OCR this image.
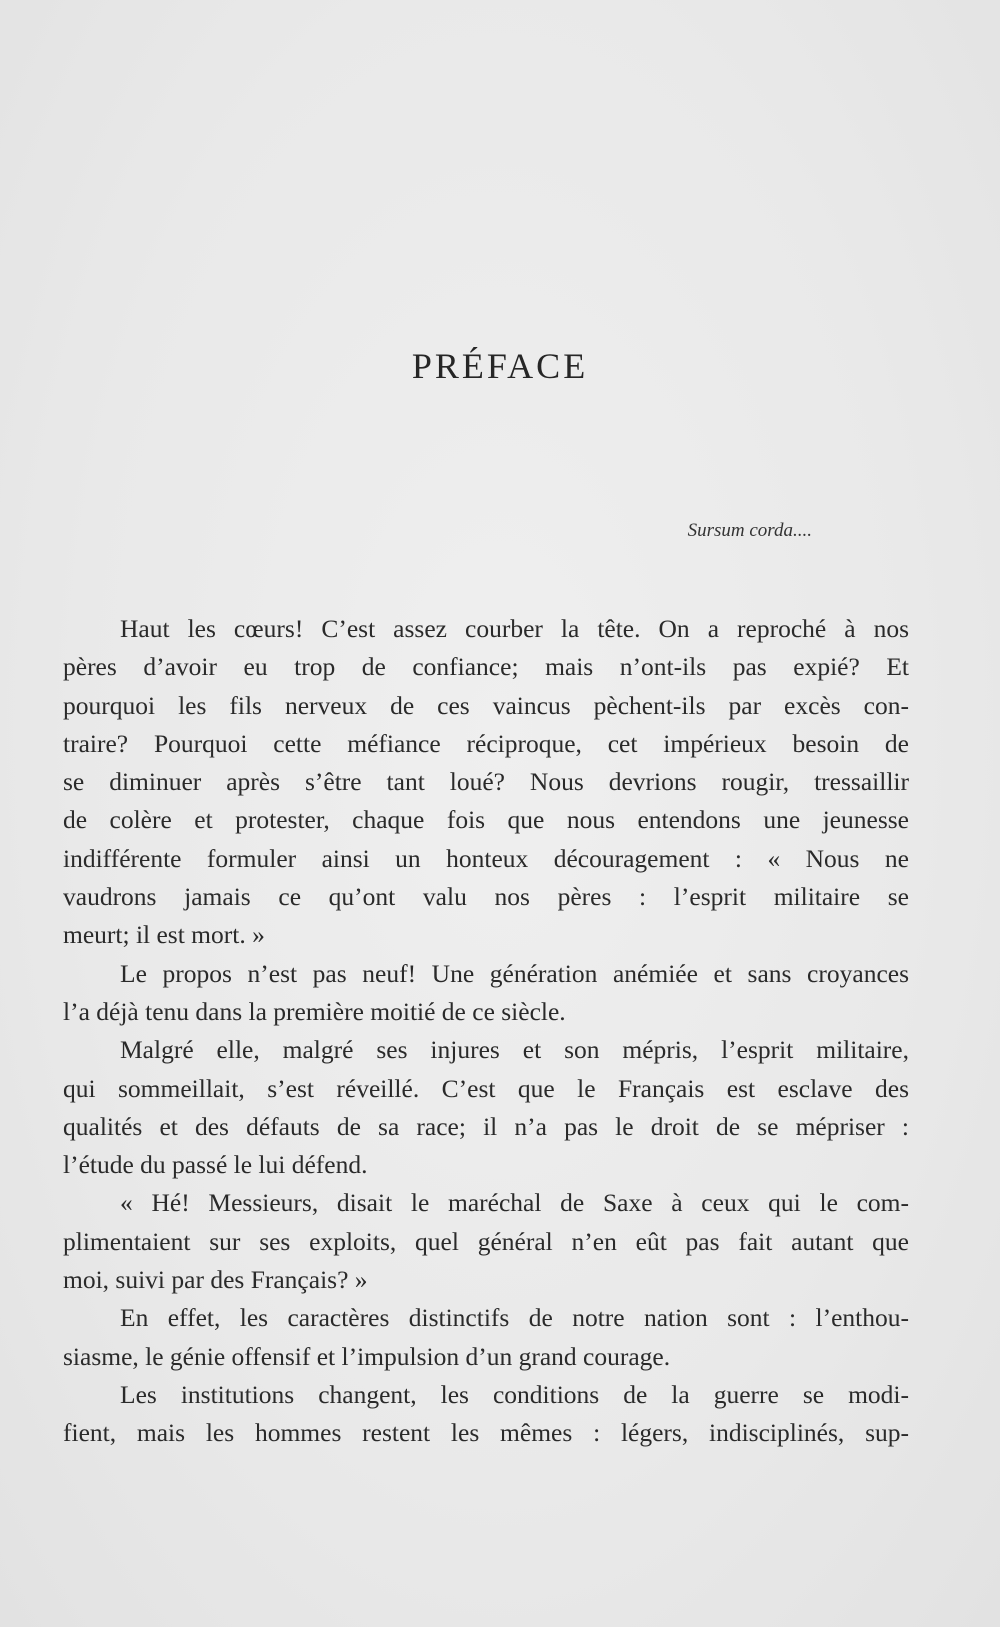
PRÉFACE
Sursum corda....
Haut les cœurs! C’est assez courber la tête. On a reproché à nos
pères d’avoir eu trop de confiance; mais n’ont-ils pas expié? Et
pourquoi les fils nerveux de ces vaincus pèchent-ils par excès con-
traire? Pourquoi cette méfiance réciproque, cet impérieux besoin de
se diminuer après s’être tant loué? Nous devrions rougir, tressaillir
de colère et protester, chaque fois que nous entendons une jeunesse
indifférente formuler ainsi un honteux découragement : « Nous ne
vaudrons jamais ce qu’ont valu nos pères : l’esprit militaire se
meurt; il est mort. »
Le propos n’est pas neuf! Une génération anémiée et sans croyances
l’a déjà tenu dans la première moitié de ce siècle.
Malgré elle, malgré ses injures et son mépris, l’esprit militaire,
qui sommeillait, s’est réveillé. C’est que le Français est esclave des
qualités et des défauts de sa race; il n’a pas le droit de se mépriser :
l’étude du passé le lui défend.
« Hé! Messieurs, disait le maréchal de Saxe à ceux qui le com-
plimentaient sur ses exploits, quel général n’en eût pas fait autant que
moi, suivi par des Français? »
En effet, les caractères distinctifs de notre nation sont : l’enthou-
siasme, le génie offensif et l’impulsion d’un grand courage.
Les institutions changent, les conditions de la guerre se modi-
fient, mais les hommes restent les mêmes : légers, indisciplinés, sup-
